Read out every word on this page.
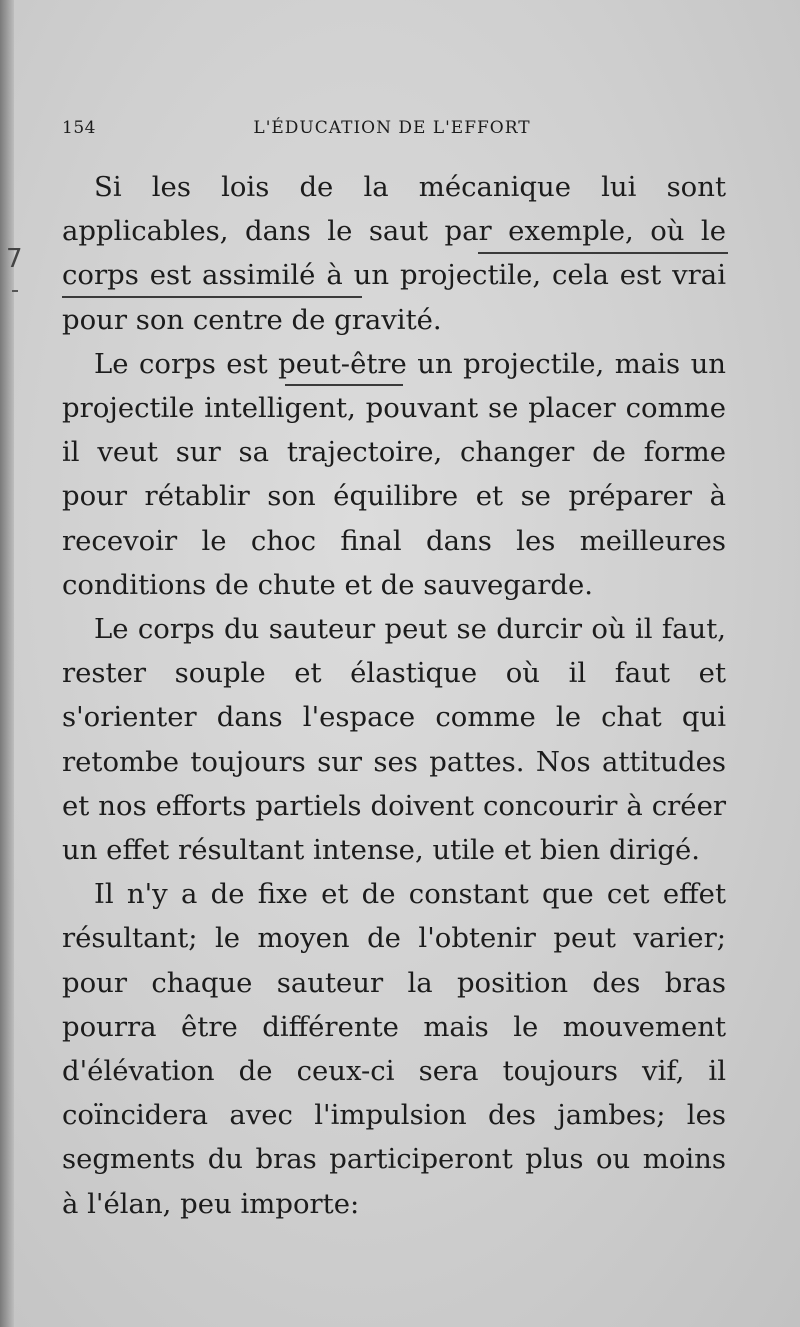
7
154	L'ÉDUCATION DE L'EFFORT

Si les lois de la mécanique lui sont applicables, dans le saut par exemple, où le corps est assimilé à un projectile, cela est vrai pour son centre de gravité.

Le corps est peut-être un projectile, mais un projectile intelligent, pouvant se placer comme il veut sur sa trajectoire, changer de forme pour rétablir son équilibre et se préparer à recevoir le choc final dans les meilleures conditions de chute et de sauvegarde.

Le corps du sauteur peut se durcir où il faut, rester souple et élastique où il faut et s'orienter dans l'espace comme le chat qui retombe toujours sur ses pattes. Nos attitudes et nos efforts partiels doivent concourir à créer un effet résultant intense, utile et bien dirigé.

Il n'y a de fixe et de constant que cet effet résultant; le moyen de l'obtenir peut varier; pour chaque sauteur la position des bras pourra être différente mais le mouvement d'élévation de ceux-ci sera toujours vif, il coïncidera avec l'impulsion des jambes; les segments du bras participeront plus ou moins à l'élan, peu importe:
